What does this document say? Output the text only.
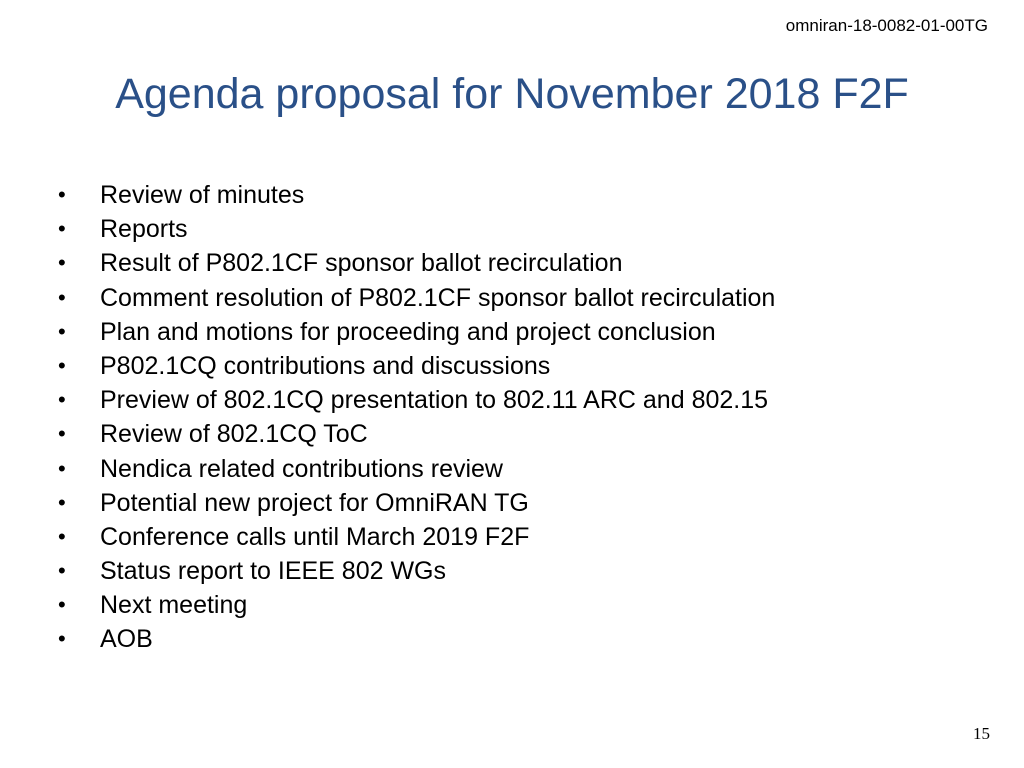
omniran-18-0082-01-00TG
Agenda proposal for November 2018 F2F
• Review of minutes
• Reports
• Result of P802.1CF sponsor ballot recirculation
• Comment resolution of P802.1CF sponsor ballot recirculation
• Plan and motions for proceeding and project conclusion
• P802.1CQ contributions and discussions
• Preview of 802.1CQ presentation to 802.11 ARC and 802.15
• Review of 802.1CQ ToC
• Nendica related contributions review
• Potential new project for OmniRAN TG
• Conference calls until March 2019 F2F
• Status report to IEEE 802 WGs
• Next meeting
• AOB
15
